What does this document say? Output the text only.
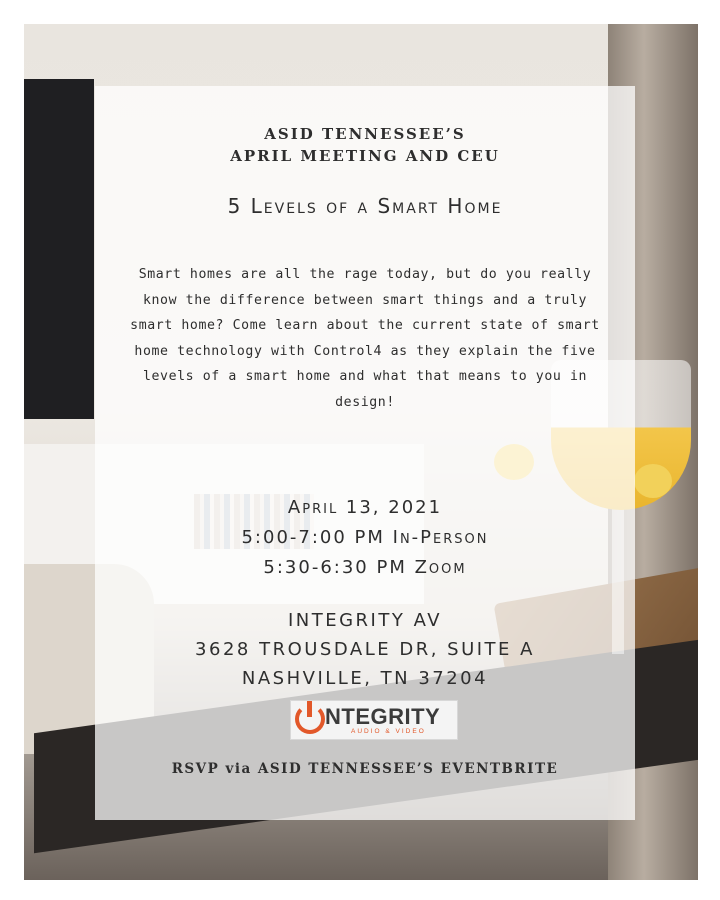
ASID TENNESSEE’S
APRIL MEETING AND CEU
5 Levels of a Smart Home
Smart homes are all the rage today, but do you really know the difference between smart things and a truly smart home? Come learn about the current state of smart home technology with Control4 as they explain the five levels of a smart home and what that means to you in design!
April 13, 2021
5:00-7:00 PM In-Person
5:30-6:30 PM Zoom
INTEGRITY AV
3628 TROUSDALE DR, SUITE A
NASHVILLE, TN 37204
NTEGRITY
AUDIO & VIDEO
RSVP via ASID TENNESSEE’S EVENTBRITE
